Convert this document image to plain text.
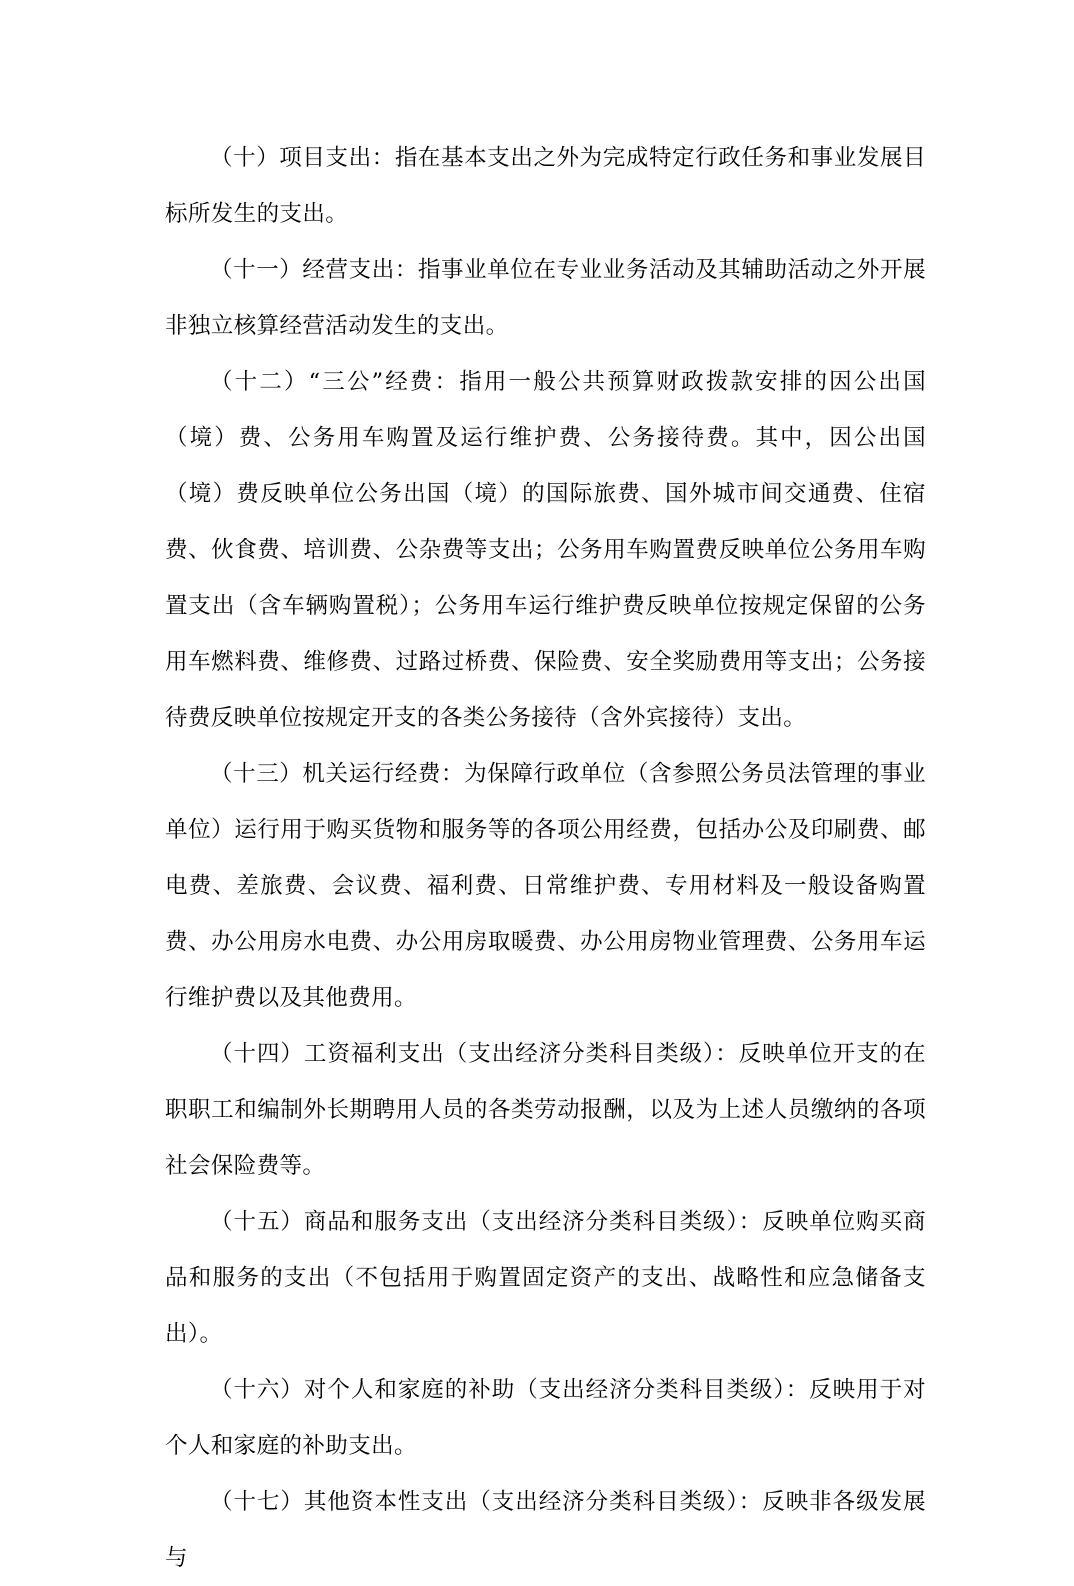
（十）项目支出：指在基本支出之外为完成特定行政任务和事业发展目标所发生的支出。

（十一）经营支出：指事业单位在专业业务活动及其辅助活动之外开展非独立核算经营活动发生的支出。

（十二）“三公”经费：指用一般公共预算财政拨款安排的因公出国（境）费、公务用车购置及运行维护费、公务接待费。其中，因公出国（境）费反映单位公务出国（境）的国际旅费、国外城市间交通费、住宿费、伙食费、培训费、公杂费等支出；公务用车购置费反映单位公务用车购置支出（含车辆购置税）；公务用车运行维护费反映单位按规定保留的公务用车燃料费、维修费、过路过桥费、保险费、安全奖励费用等支出；公务接待费反映单位按规定开支的各类公务接待（含外宾接待）支出。

（十三）机关运行经费：为保障行政单位（含参照公务员法管理的事业单位）运行用于购买货物和服务等的各项公用经费，包括办公及印刷费、邮电费、差旅费、会议费、福利费、日常维护费、专用材料及一般设备购置费、办公用房水电费、办公用房取暖费、办公用房物业管理费、公务用车运行维护费以及其他费用。

（十四）工资福利支出（支出经济分类科目类级）：反映单位开支的在职职工和编制外长期聘用人员的各类劳动报酬，以及为上述人员缴纳的各项社会保险费等。

（十五）商品和服务支出（支出经济分类科目类级）：反映单位购买商品和服务的支出（不包括用于购置固定资产的支出、战略性和应急储备支出）。

（十六）对个人和家庭的补助（支出经济分类科目类级）：反映用于对个人和家庭的补助支出。

（十七）其他资本性支出（支出经济分类科目类级）：反映非各级发展与
